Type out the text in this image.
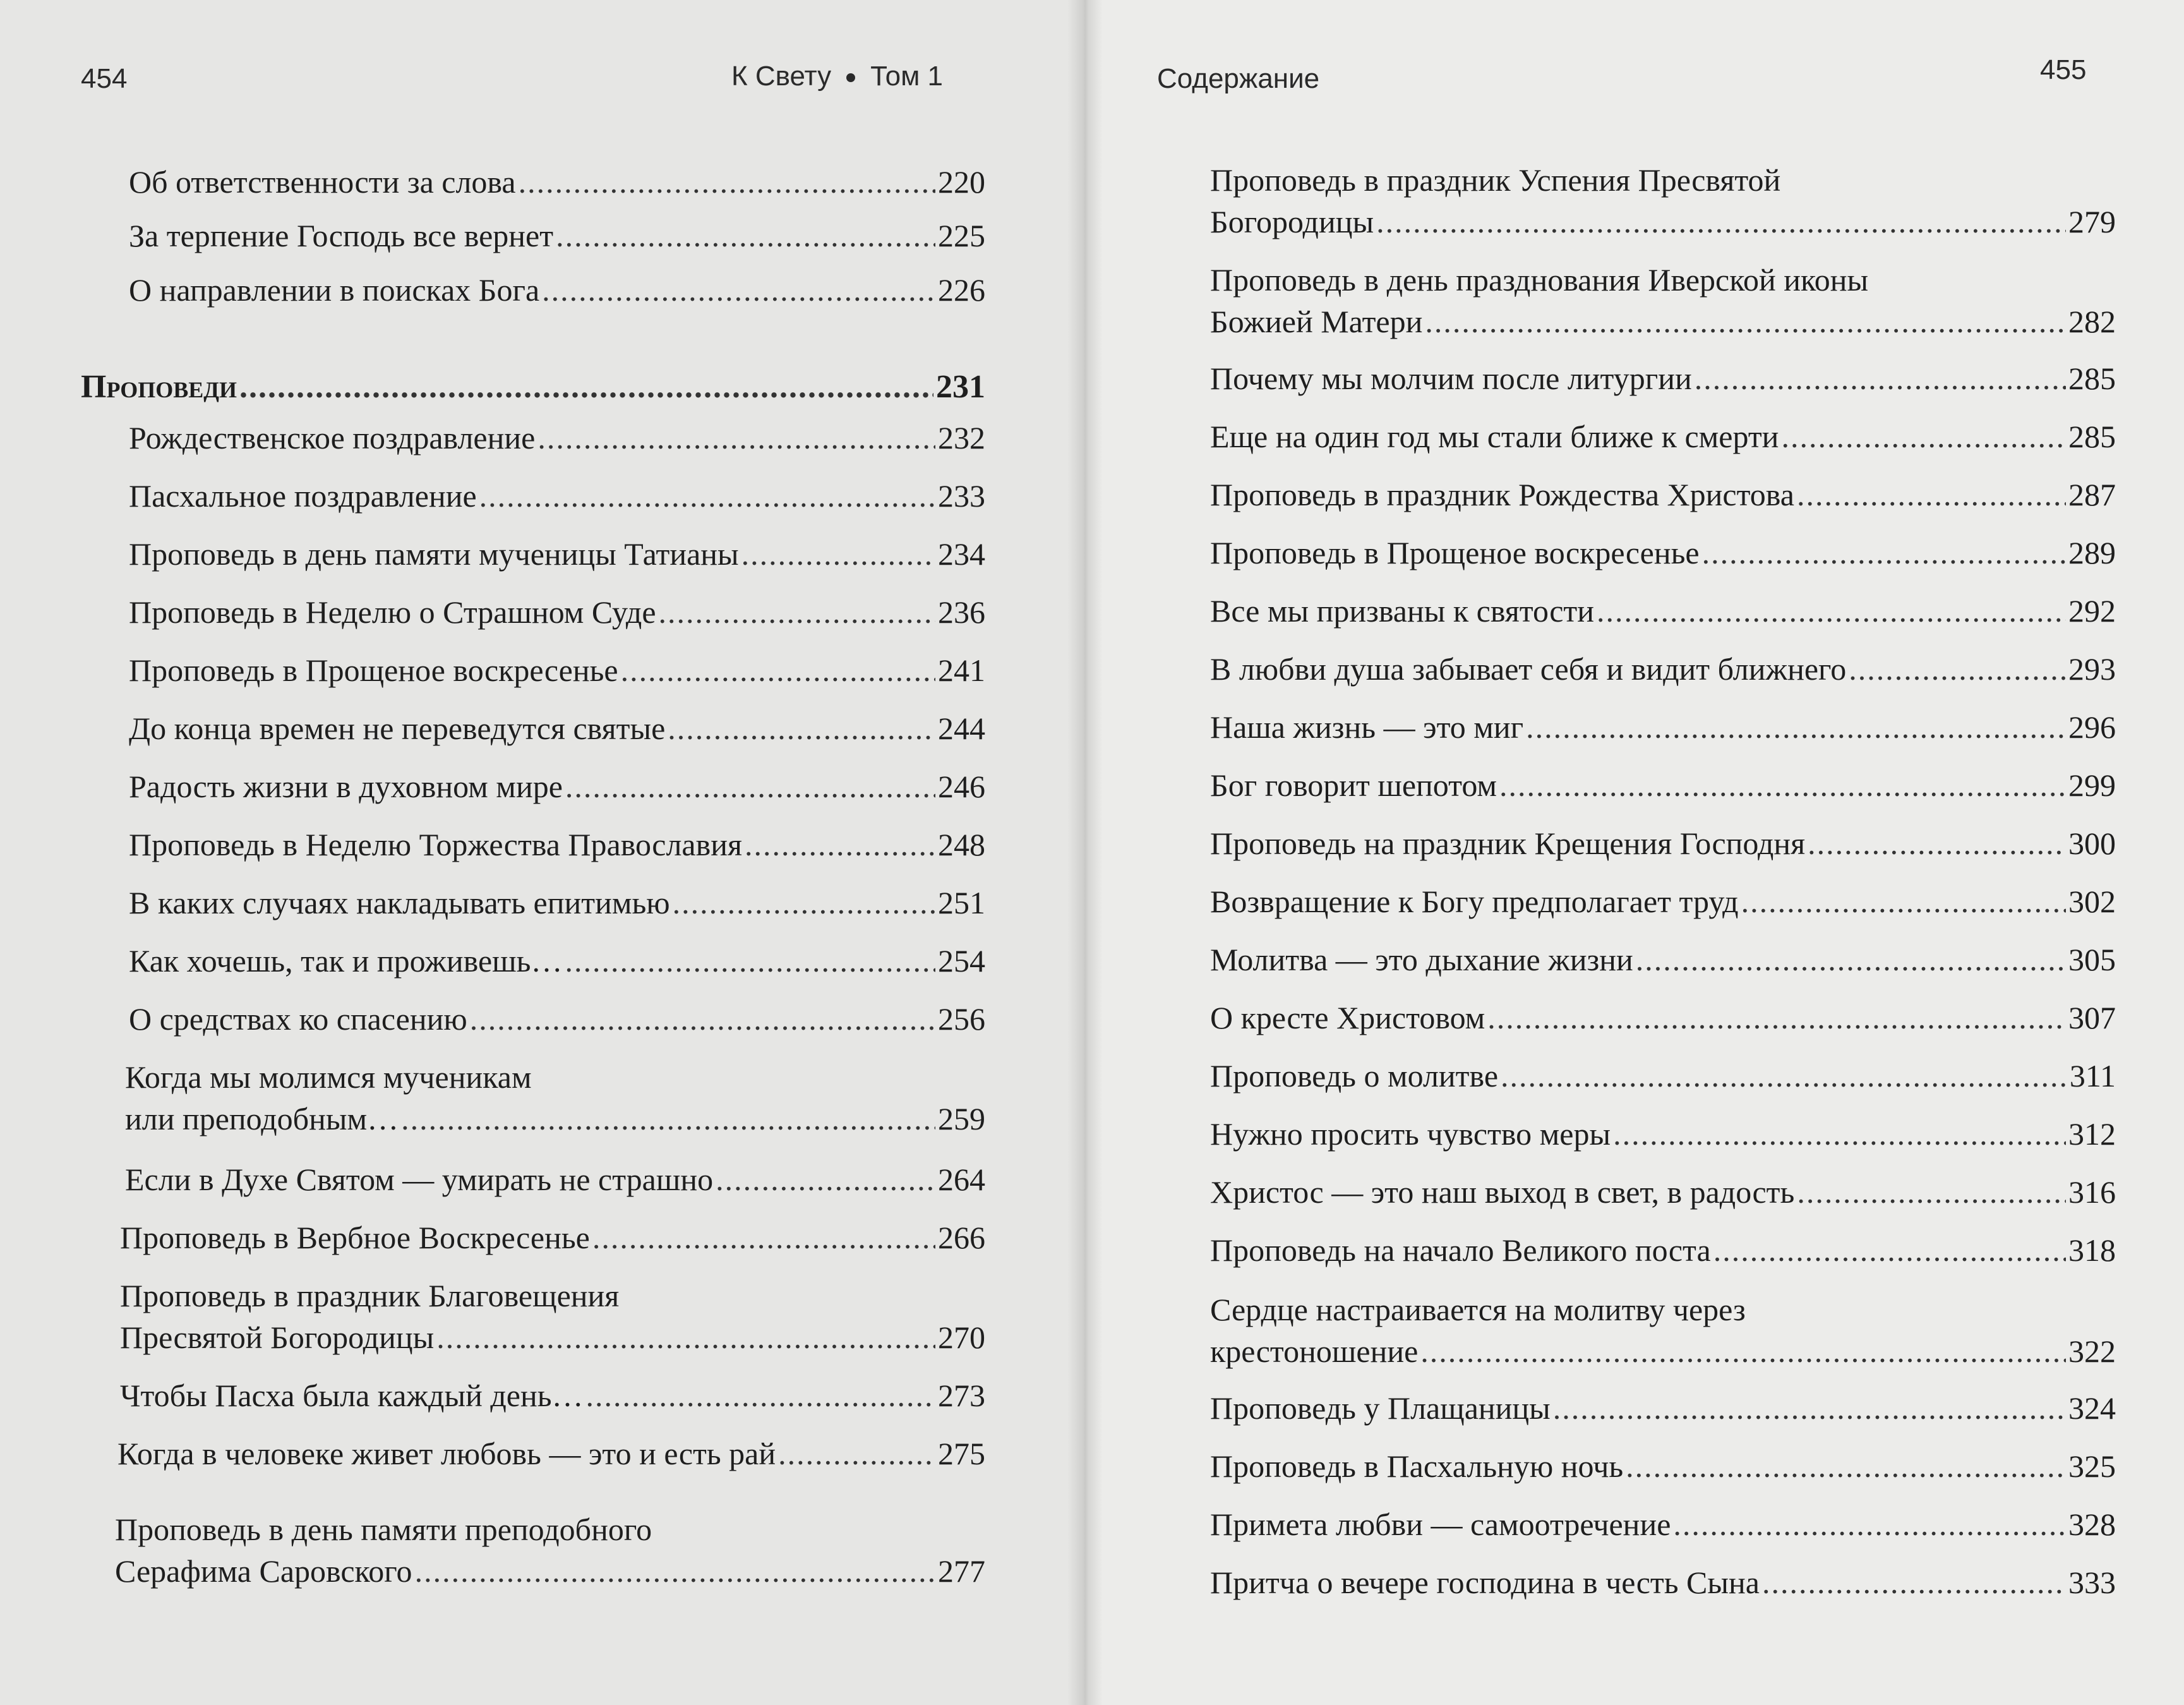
454	К Свету Том 1
Об ответственности за слова .....	220
За терпение Господь все вернет .....	225
О направлении в поисках Бога .....	226
Проповеди .....	231
Рождественское поздравление .....	232
Пасхальное поздравление .....	233
Проповедь в день памяти мученицы Татианы .....	234
Проповедь в Неделю о Страшном Суде .....	236
Проповедь в Прощеное воскресенье .....	241
До конца времен не переведутся святые .....	244
Радость жизни в духовном мире .....	246
Проповедь в Неделю Торжества Православия .....	248
В каких случаях накладывать епитимью .....	251
Как хочешь, так и проживешь… .....	254
О средствах ко спасению .....	256
Когда мы молимся мученикам
или преподобным… .....	259
Если в Духе Святом — умирать не страшно .....	264
Проповедь в Вербное Воскресенье .....	266
Проповедь в праздник Благовещения
Пресвятой Богородицы .....	270
Чтобы Пасха была каждый день… .....	273
Когда в человеке живет любовь — это и есть рай .....	275
Проповедь в день памяти преподобного
Серафима Саровского .....	277
Содержание	455
Проповедь в праздник Успения Пресвятой
Богородицы .....	279
Проповедь в день празднования Иверской иконы
Божией Матери .....	282
Почему мы молчим после литургии .....	285
Еще на один год мы стали ближе к смерти .....	285
Проповедь в праздник Рождества Христова .....	287
Проповедь в Прощеное воскресенье .....	289
Все мы призваны к святости .....	292
В любви душа забывает себя и видит ближнего .....	293
Наша жизнь — это миг .....	296
Бог говорит шепотом .....	299
Проповедь на праздник Крещения Господня .....	300
Возвращение к Богу предполагает труд .....	302
Молитва — это дыхание жизни .....	305
О кресте Христовом .....	307
Проповедь о молитве .....	311
Нужно просить чувство меры .....	312
Христос — это наш выход в свет, в радость .....	316
Проповедь на начало Великого поста .....	318
Сердце настраивается на молитву через
крестоношение .....	322
Проповедь у Плащаницы .....	324
Проповедь в Пасхальную ночь .....	325
Примета любви — самоотречение .....	328
Притча о вечере господина в честь Сына .....	333
